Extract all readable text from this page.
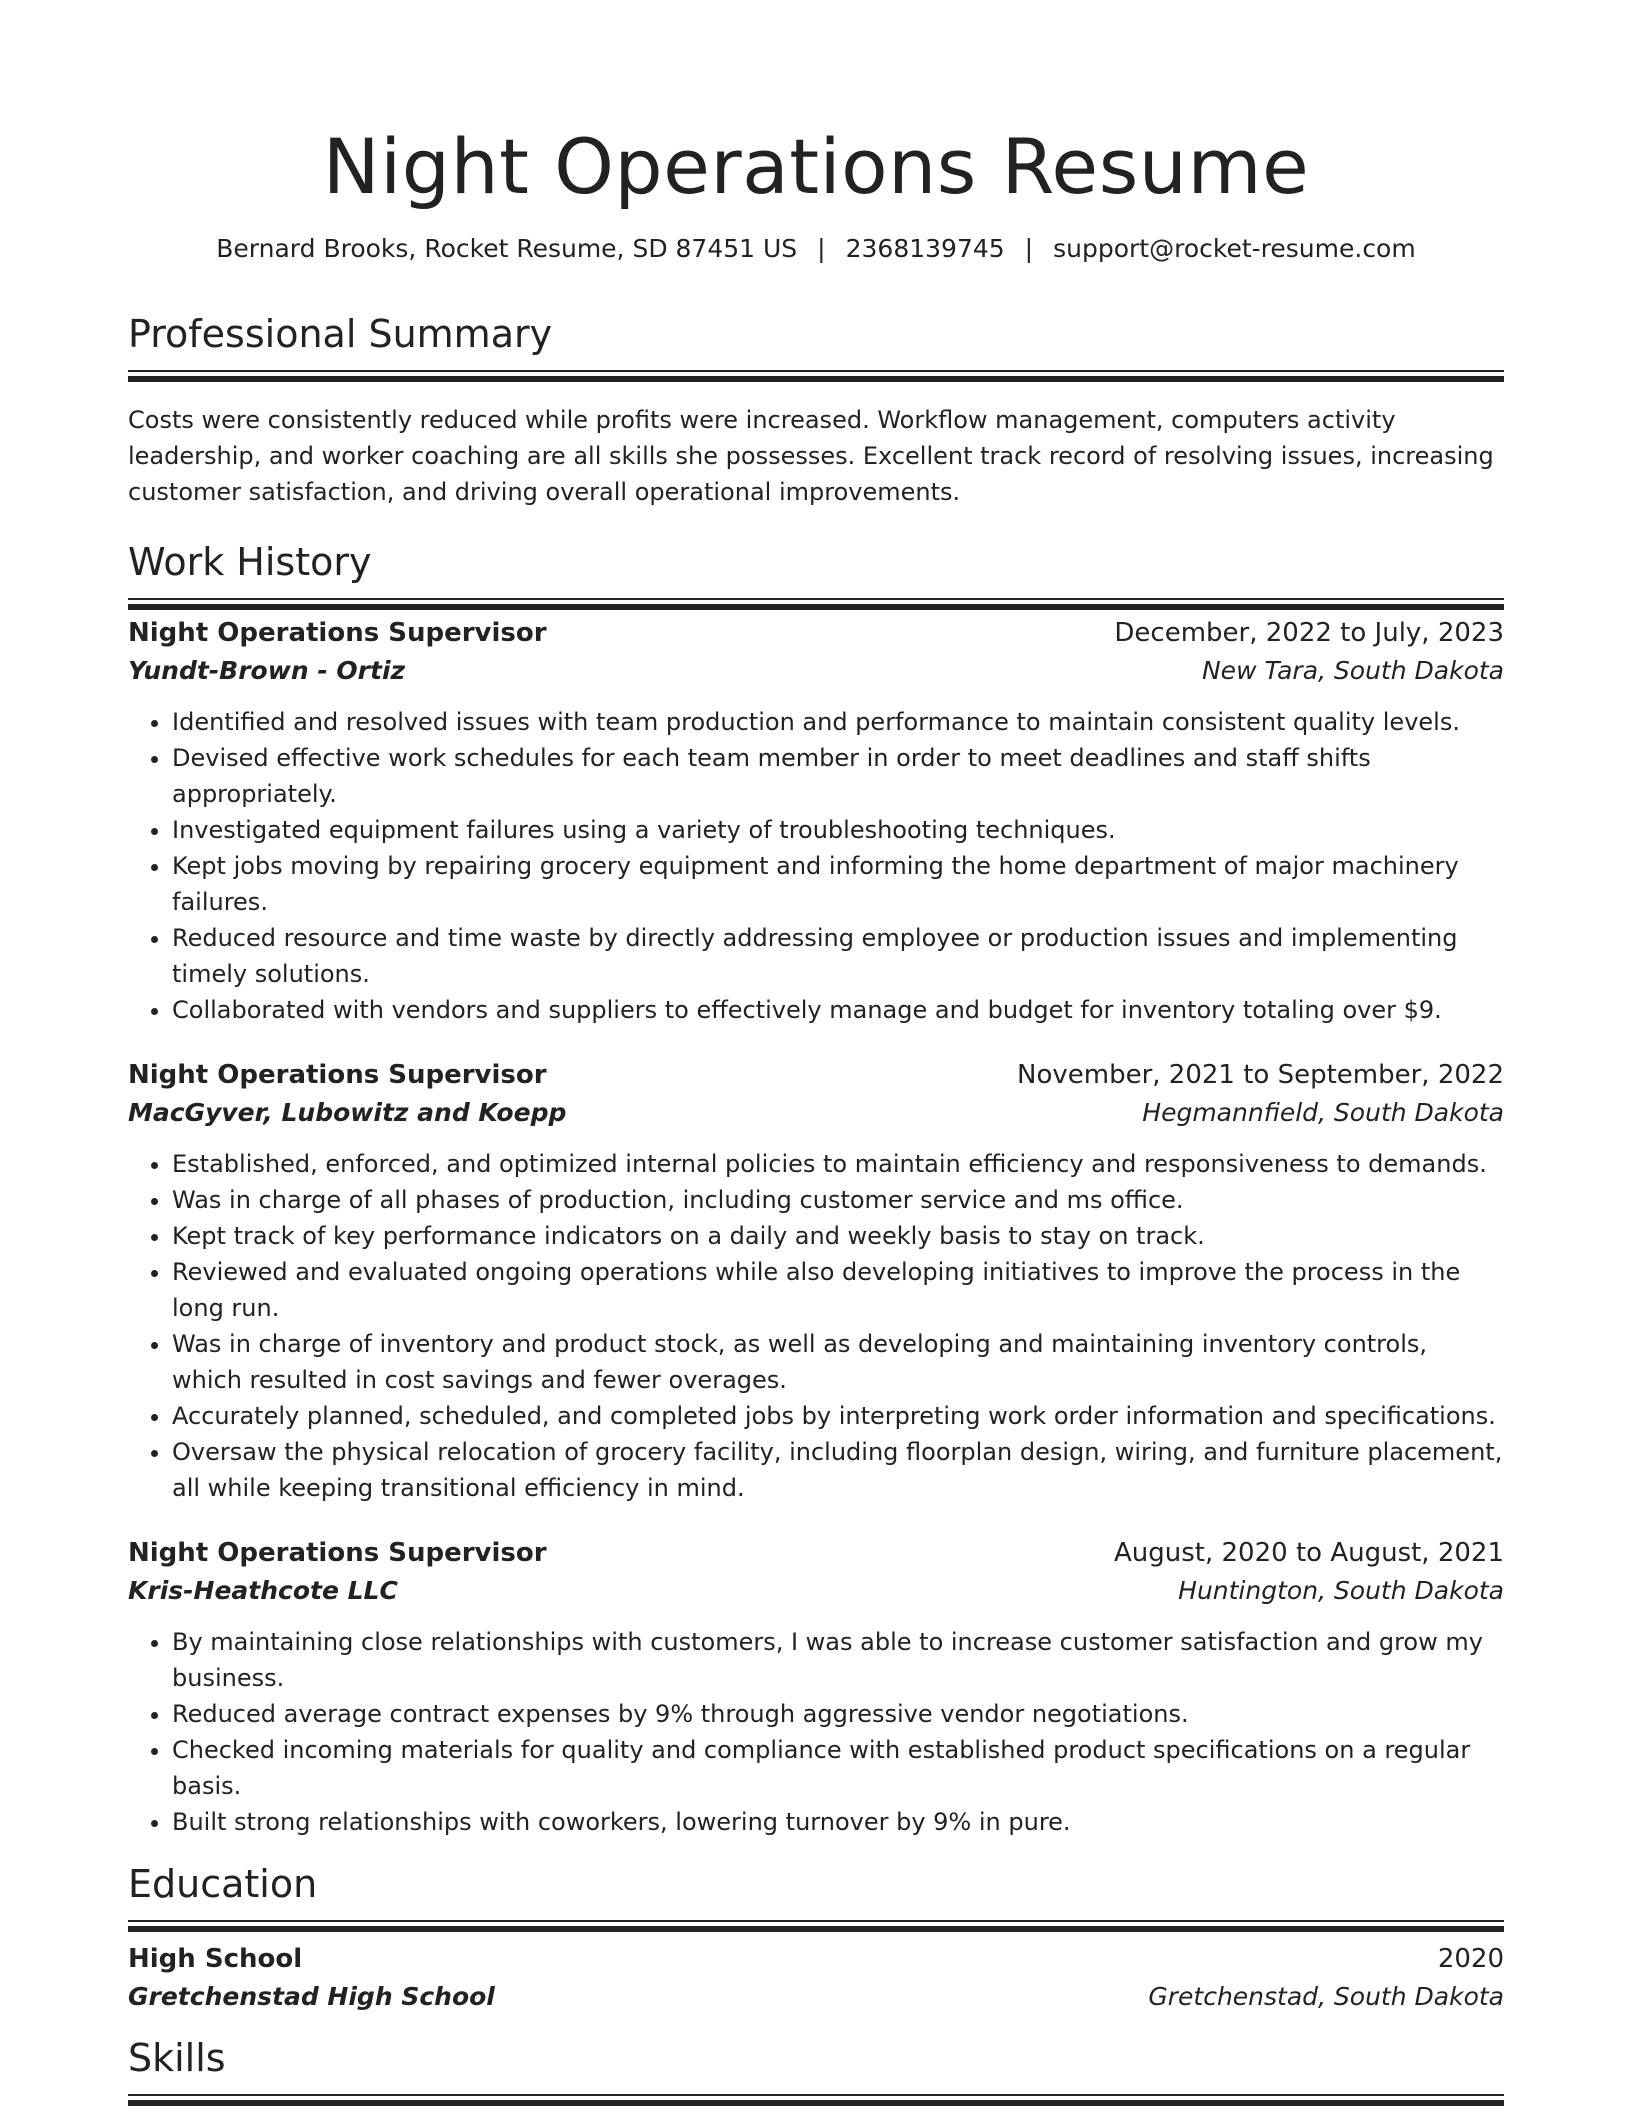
Night Operations Resume
Bernard Brooks, Rocket Resume, SD 87451 US | 2368139745 | support@rocket-resume.com
Professional Summary
Costs were consistently reduced while profits were increased. Workflow management, computers activity leadership, and worker coaching are all skills she possesses. Excellent track record of resolving issues, increasing customer satisfaction, and driving overall operational improvements.
Work History
Night Operations Supervisor	December, 2022 to July, 2023
Yundt-Brown - Ortiz	New Tara, South Dakota
• Identified and resolved issues with team production and performance to maintain consistent quality levels.
• Devised effective work schedules for each team member in order to meet deadlines and staff shifts appropriately.
• Investigated equipment failures using a variety of troubleshooting techniques.
• Kept jobs moving by repairing grocery equipment and informing the home department of major machinery failures.
• Reduced resource and time waste by directly addressing employee or production issues and implementing timely solutions.
• Collaborated with vendors and suppliers to effectively manage and budget for inventory totaling over $9.
Night Operations Supervisor	November, 2021 to September, 2022
MacGyver, Lubowitz and Koepp	Hegmannfield, South Dakota
• Established, enforced, and optimized internal policies to maintain efficiency and responsiveness to demands.
• Was in charge of all phases of production, including customer service and ms office.
• Kept track of key performance indicators on a daily and weekly basis to stay on track.
• Reviewed and evaluated ongoing operations while also developing initiatives to improve the process in the long run.
• Was in charge of inventory and product stock, as well as developing and maintaining inventory controls, which resulted in cost savings and fewer overages.
• Accurately planned, scheduled, and completed jobs by interpreting work order information and specifications.
• Oversaw the physical relocation of grocery facility, including floorplan design, wiring, and furniture placement, all while keeping transitional efficiency in mind.
Night Operations Supervisor	August, 2020 to August, 2021
Kris-Heathcote LLC	Huntington, South Dakota
• By maintaining close relationships with customers, I was able to increase customer satisfaction and grow my business.
• Reduced average contract expenses by 9% through aggressive vendor negotiations.
• Checked incoming materials for quality and compliance with established product specifications on a regular basis.
• Built strong relationships with coworkers, lowering turnover by 9% in pure.
Education
High School	2020
Gretchenstad High School	Gretchenstad, South Dakota
Skills
